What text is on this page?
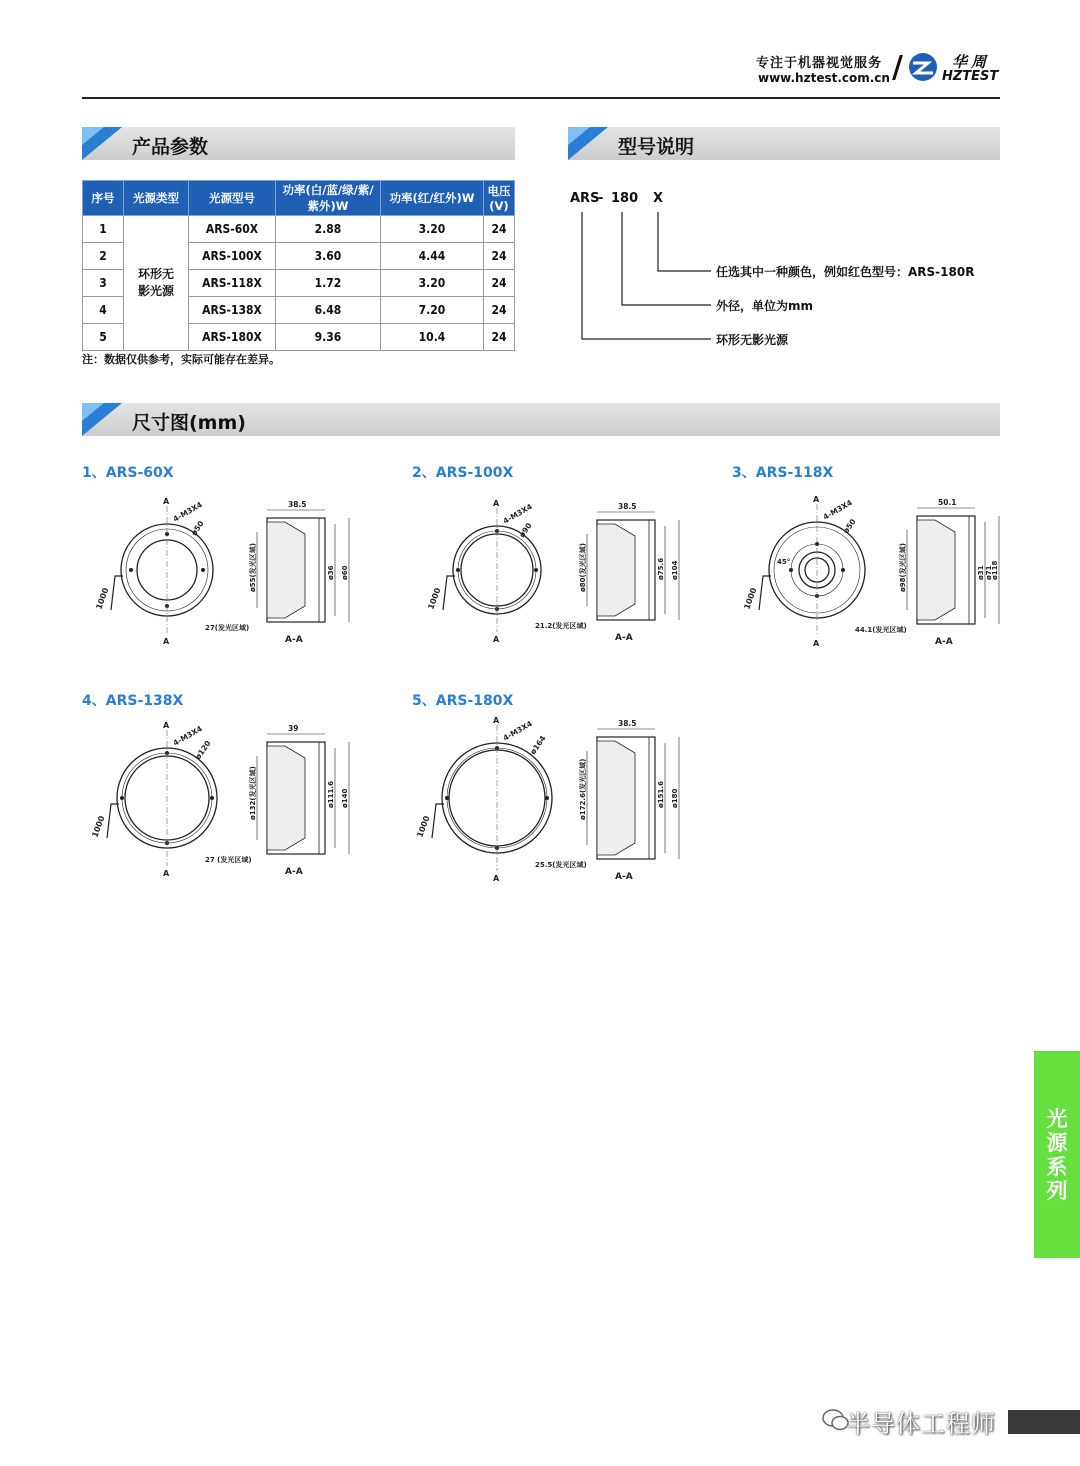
专注于机器视觉服务
www.hztest.com.cn /	华周
HZTEST
产品参数	型号说明
序号	光源类型	光源型号	功率(白/蓝/绿/紫/紫外)W	功率(红/红外)W	电压(V)
1	环形无影光源	ARS-60X	2.88	3.20	24
2		ARS-100X	3.60	4.44	24
3		ARS-118X	1.72	3.20	24
4		ARS-138X	6.48	7.20	24
5		ARS-180X	9.36	10.4	24
注：数据仅供参考，实际可能存在差异。
ARS
- 180 X
任选其中一种颜色，例如红色型号：ARS-180R
外径，单位为mm
环形无影光源
尺寸图(mm)
1、ARS-60X
A
A
1000
4-M3X4
ø50
38.5
ø55(发光区域)	ø36 ø60
27(发光区域)
A-A
2、ARS-100X
A
A
1000
4-M3X4
ø90
38.5
ø80(发光区域)	ø75.6 ø104
21.2(发光区域)
A-A
3、ARS-118X
A
A
1000
4-M3X4
ø50
45°
50.1
ø98(发光区域)	ø31 ø71
ø118
44.1(发光区域)
A-A
4、ARS-138X
A
A
1000
4-M3X4
ø120
39
ø132(发光区域)	ø111.6 ø140
27 (发光区域)
A-A
5、ARS-180X
A
A
1000
4-M3X4
ø164
38.5
ø172.6(发光区域)	ø151.6 ø180
25.5(发光区域)
A-A
光源系列
半导体工程师
